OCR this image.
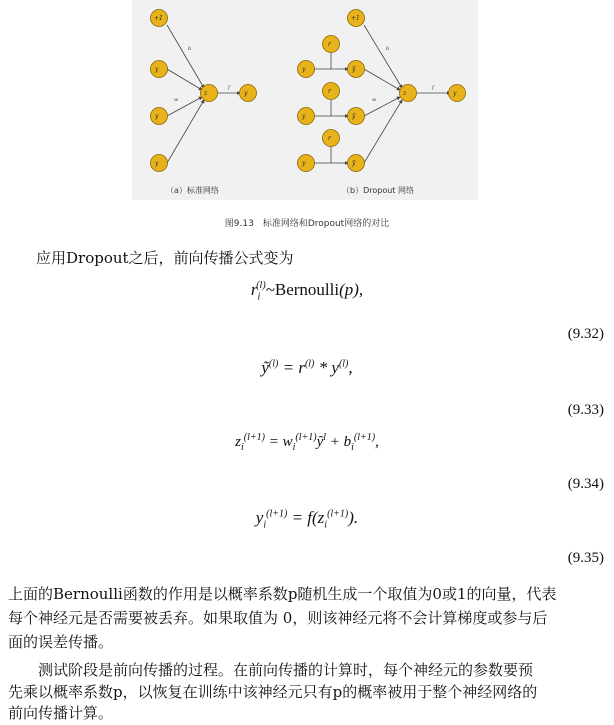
+1
y
y
y
z	y
b
w
f
（a）标准网络
+1
r
y	ỹ
r
y	ỹ
r
y	ỹ
z	y
b
w
f
（b）Dropout 网络
图9.13　标准网络和Dropout网络的对比
应用Dropout之后，前向传播公式变为
$r_i^{(l)}\sim Bernoulli(p)$,
(9.32)
ỹ$^{(l)}$ = $r^{(l)} * y^{(l)}$,
(9.33)
$z_i^{(l+1)}$ = $w_i^{(l+1)}ỹ^l + b_i^{(l+1)}$,
(9.34)
$y_i^{(l+1)} = f(z_i^{(l+1)})$.
(9.35)
上面的Bernoulli函数的作用是以概率系数p随机生成一个取值为0或1的向量，代表
每个神经元是否需要被丢弃。如果取值为 0，则该神经元将不会计算梯度或参与后
面的误差传播。
　　测试阶段是前向传播的过程。在前向传播的计算时，每个神经元的参数要预
先乘以概率系数p，以恢复在训练中该神经元只有p的概率被用于整个神经网络的
前向传播计算。
